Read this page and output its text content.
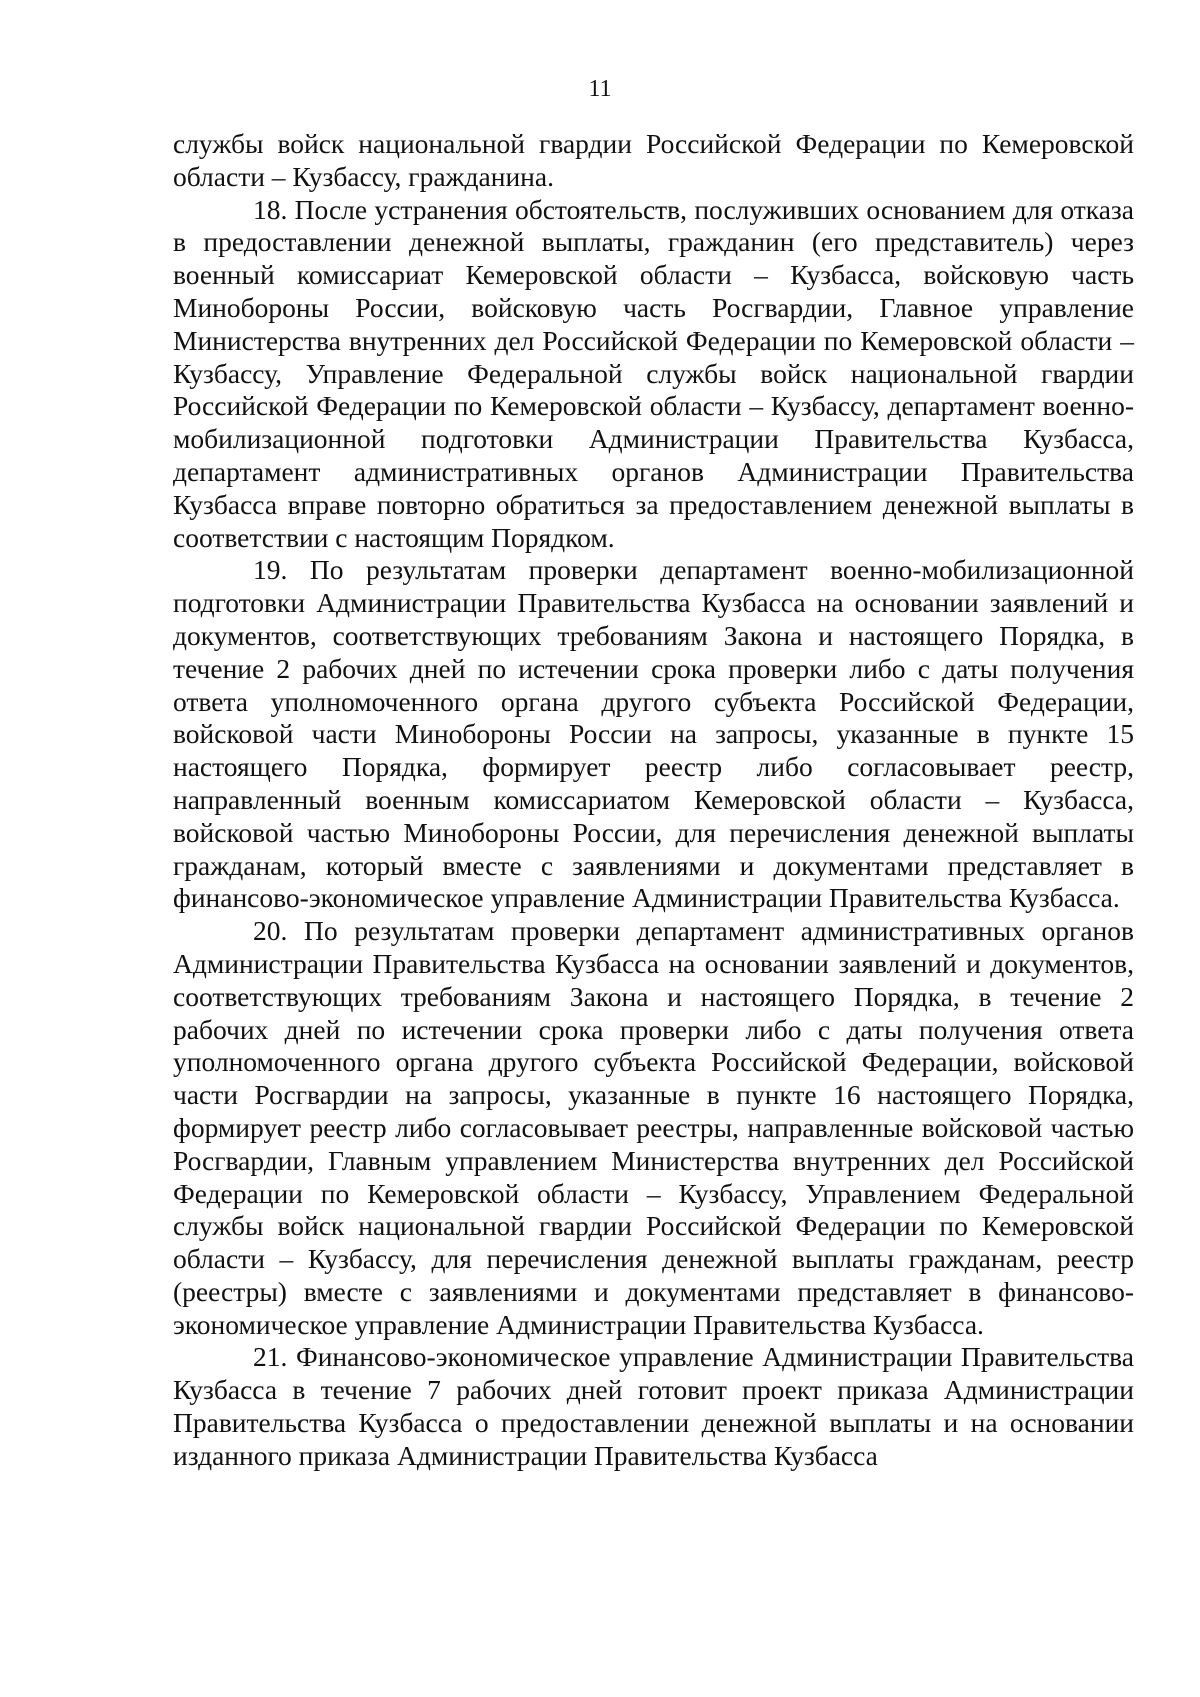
11

службы войск национальной гвардии Российской Федерации по Кемеровской области – Кузбассу, гражданина.

18. После устранения обстоятельств, послуживших основанием для отказа в предоставлении денежной выплаты, гражданин (его представитель) через военный комиссариат Кемеровской области – Кузбасса, войсковую часть Минобороны России, войсковую часть Росгвардии, Главное управление Министерства внутренних дел Российской Федерации по Кемеровской области – Кузбассу, Управление Федеральной службы войск национальной гвардии Российской Федерации по Кемеровской области – Кузбассу, департамент военно-мобилизационной подготовки Администрации Правительства Кузбасса, департамент административных органов Администрации Правительства Кузбасса вправе повторно обратиться за предоставлением денежной выплаты в соответствии с настоящим Порядком.

19. По результатам проверки департамент военно-мобилизационной подготовки Администрации Правительства Кузбасса на основании заявлений и документов, соответствующих требованиям Закона и настоящего Порядка, в течение 2 рабочих дней по истечении срока проверки либо с даты получения ответа уполномоченного органа другого субъекта Российской Федерации, войсковой части Минобороны России на запросы, указанные в пункте 15 настоящего Порядка, формирует реестр либо согласовывает реестр, направленный военным комиссариатом Кемеровской области – Кузбасса, войсковой частью Минобороны России, для перечисления денежной выплаты гражданам, который вместе с заявлениями и документами представляет в финансово-экономическое управление Администрации Правительства Кузбасса.

20. По результатам проверки департамент административных органов Администрации Правительства Кузбасса на основании заявлений и документов, соответствующих требованиям Закона и настоящего Порядка, в течение 2 рабочих дней по истечении срока проверки либо с даты получения ответа уполномоченного органа другого субъекта Российской Федерации, войсковой части Росгвардии на запросы, указанные в пункте 16 настоящего Порядка, формирует реестр либо согласовывает реестры, направленные войсковой частью Росгвардии, Главным управлением Министерства внутренних дел Российской Федерации по Кемеровской области – Кузбассу, Управлением Федеральной службы войск национальной гвардии Российской Федерации по Кемеровской области – Кузбассу, для перечисления денежной выплаты гражданам, реестр (реестры) вместе с заявлениями и документами представляет в финансово-экономическое управление Администрации Правительства Кузбасса.

21. Финансово-экономическое управление Администрации Правительства Кузбасса в течение 7 рабочих дней готовит проект приказа Администрации Правительства Кузбасса о предоставлении денежной выплаты и на основании изданного приказа Администрации Правительства Кузбасса
